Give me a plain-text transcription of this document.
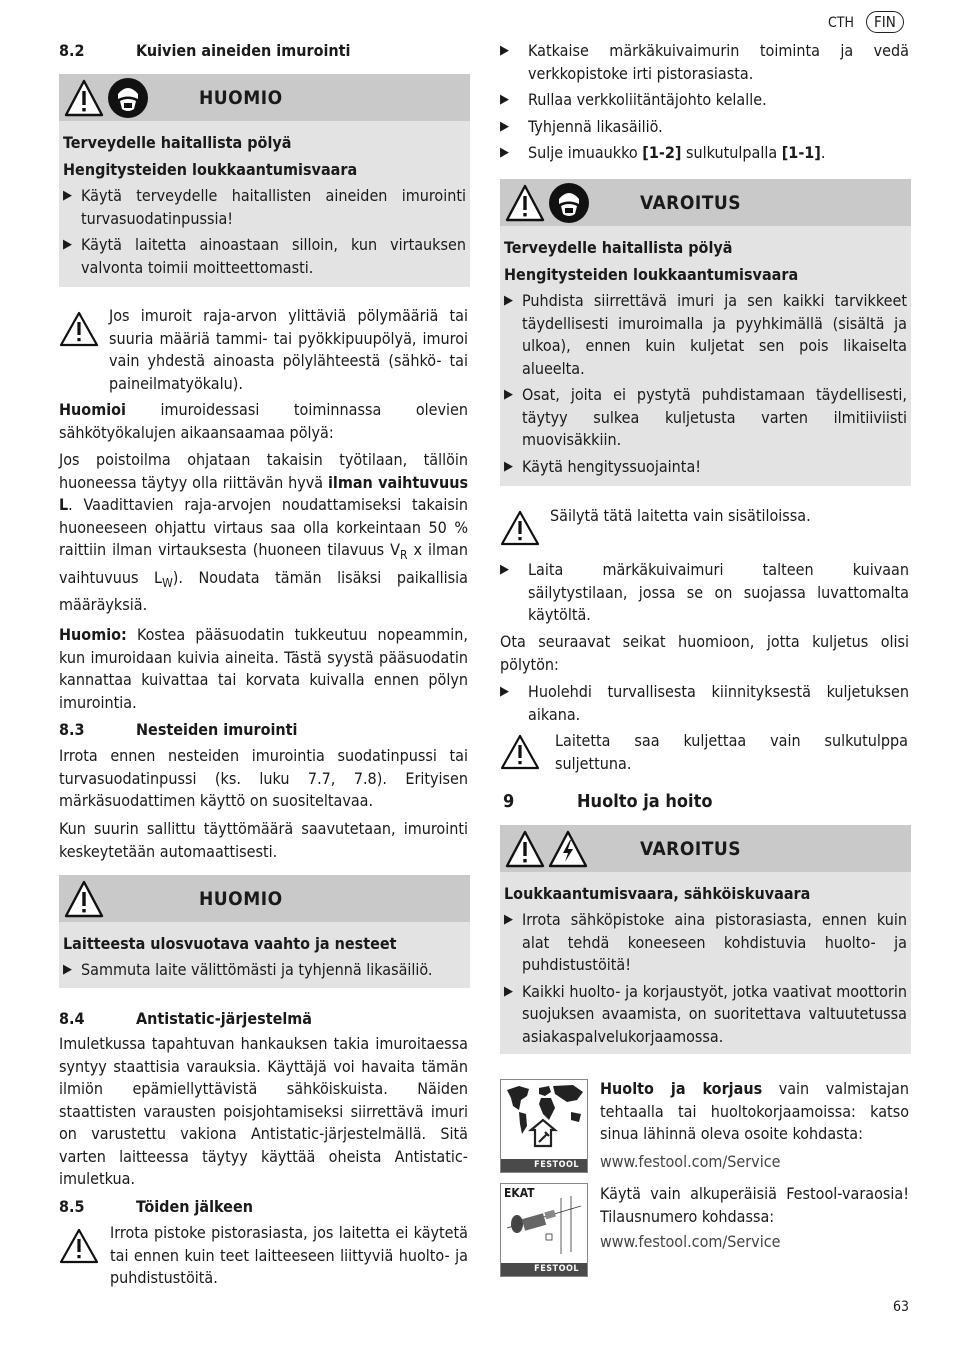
CTH	FIN
8.2	Kuivien aineiden imurointi
HUOMIO

Terveydelle haitallista pölyä

Hengitysteiden loukkaantumisvaara

▶ Käytä terveydelle haitallisten aineiden imurointi turvasuodatinpussia!
▶ Käytä laitetta ainoastaan silloin, kun virtauksen valvonta toimii moitteettomasti.
Jos imuroit raja-arvon ylittäviä pölymääriä tai suuria määriä tammi- tai pyökkipuupölyä, imuroi vain yhdestä ainoasta pölylähteestä (sähkö- tai paineilmatyökalu).

Huomioi imuroidessasi toiminnassa olevien sähkötyökalujen aikaansaamaa pölyä:

Jos poistoilma ohjataan takaisin työtilaan, tällöin huoneessa täytyy olla riittävän hyvä ilman vaihtuvuus L. Vaadittavien raja-arvojen noudattamiseksi takaisin huoneeseen ohjattu virtaus saa olla korkeintaan 50 % raittiin ilman virtauksesta (huoneen tilavuus $V_R$ x ilman vaihtuvuus $L_W$). Noudata tämän lisäksi paikallisia määräyksiä.

Huomio: Kostea pääsuodatin tukkeutuu nopeammin, kun imuroidaan kuivia aineita. Tästä syystä pääsuodatin kannattaa kuivattaa tai korvata kuivalla ennen pölyn imurointia.

8.3	Nesteiden imurointi

Irrota ennen nesteiden imurointia suodatinpussi tai turvasuodatinpussi (ks. luku 7.7, 7.8). Erityisen märkäsuodattimen käyttö on suositeltavaa.

Kun suurin sallittu täyttömäärä saavutetaan, imurointi keskeytetään automaattisesti.

HUOMIO

Laitteesta ulosvuotava vaahto ja nesteet

▶ Sammuta laite välittömästi ja tyhjennä likasäiliö.
8.4	Antistatic-järjestelmä

Imuletkussa tapahtuvan hankauksen takia imuroitaessa syntyy staattisia varauksia. Käyttäjä voi havaita tämän ilmiön epämiellyttävistä sähköiskuista. Näiden staattisten varausten poisjohtamiseksi siirrettävä imuri on varustettu vakiona Antistatic-järjestelmällä. Sitä varten laitteessa täytyy käyttää oheista Antistatic-imuletkua.

8.5	Töiden jälkeen

Irrota pistoke pistorasiasta, jos laitetta ei käytetä tai ennen kuin teet laitteeseen liittyviä huolto- ja puhdistustöitä.

▶	Katkaise märkäkuivaimurin toiminta ja vedä verkkopistoke irti pistorasiasta.
▶	Rullaa verkkoliitäntäjohto kelalle.
▶	Tyhjennä likasäiliö.
▶	Sulje imuaukko [1-2] sulkutulpalla [1-1].
VAROITUS

Terveydelle haitallista pölyä

Hengitysteiden loukkaantumisvaara

▶ Puhdista siirrettävä imuri ja sen kaikki tarvikkeet täydellisesti imuroimalla ja pyyhkimällä (sisältä ja ulkoa), ennen kuin kuljetat sen pois likaiselta alueelta.
▶ Osat, joita ei pystytä puhdistamaan täydellisesti, täytyy sulkea kuljetusta varten ilmitiiviisti muovisäkkiin.
▶ Käytä hengityssuojainta!

Säilytä tätä laitetta vain sisätiloissa.

▶	Laita märkäkuivaimuri talteen kuivaan säilytystilaan, jossa se on suojassa luvattomalta käytöltä.

Ota seuraavat seikat huomioon, jotta kuljetus olisi pölytön:

▶	Huolehdi turvallisesta kiinnityksestä kuljetuksen aikana.

Laitetta saa kuljettaa vain sulkutulppa suljettuna.

9	Huolto ja hoito
VAROITUS

Loukkaantumisvaara, sähköiskuvaara

▶ Irrota sähköpistoke aina pistorasiasta, ennen kuin alat tehdä koneeseen kohdistuvia huolto- ja puhdistustöitä!
▶ Kaikki huolto- ja korjaustyöt, jotka vaativat moottorin suojuksen avaamista, on suoritettava valtuutetussa asiakaspalvelukorjaamossa.
FESTOOL

Huolto ja korjaus vain valmistajan tehtaalla tai huoltokorjaamoissa: katso sinua lähinnä oleva osoite kohdasta:

www.festool.com/Service
EKAT
FESTOOL

Käytä vain alkuperäisiä Festool-varaosia! Tilausnumero kohdassa:

www.festool.com/Service
63
